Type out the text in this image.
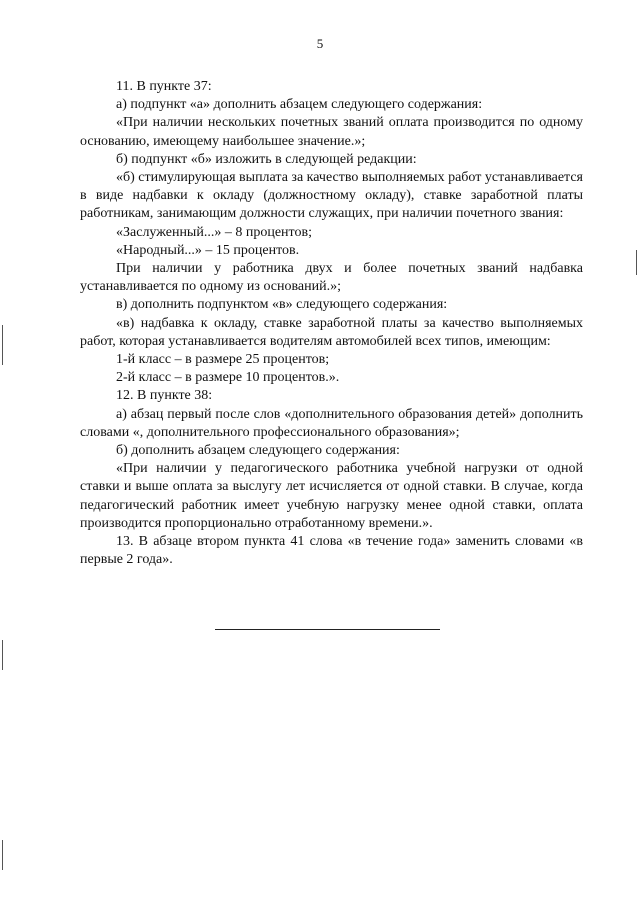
5

11. В пункте 37:

а) подпункт «а» дополнить абзацем следующего содержания:

«При наличии нескольких почетных званий оплата производится по одному основанию, имеющему наибольшее значение.»;

б) подпункт «б» изложить в следующей редакции:

«б) стимулирующая выплата за качество выполняемых работ устанавливается в виде надбавки к окладу (должностному окладу), ставке заработной платы работникам, занимающим должности служащих, при наличии почетного звания:

«Заслуженный...» – 8 процентов;

«Народный...» – 15 процентов.

При наличии у работника двух и более почетных званий надбавка устанавливается по одному из оснований.»;

в) дополнить подпунктом «в» следующего содержания:

«в) надбавка к окладу, ставке заработной платы за качество выполняемых работ, которая устанавливается водителям автомобилей всех типов, имеющим:

1-й класс – в размере 25 процентов;

2-й класс – в размере 10 процентов.».

12. В пункте 38:

а) абзац первый после слов «дополнительного образования детей» дополнить словами «, дополнительного профессионального образования»;

б) дополнить абзацем следующего содержания:

«При наличии у педагогического работника учебной нагрузки от одной ставки и выше оплата за выслугу лет исчисляется от одной ставки. В случае, когда педагогический работник имеет учебную нагрузку менее одной ставки, оплата производится пропорционально отработанному времени.».

13. В абзаце втором пункта 41 слова «в течение года» заменить словами «в первые 2 года».
